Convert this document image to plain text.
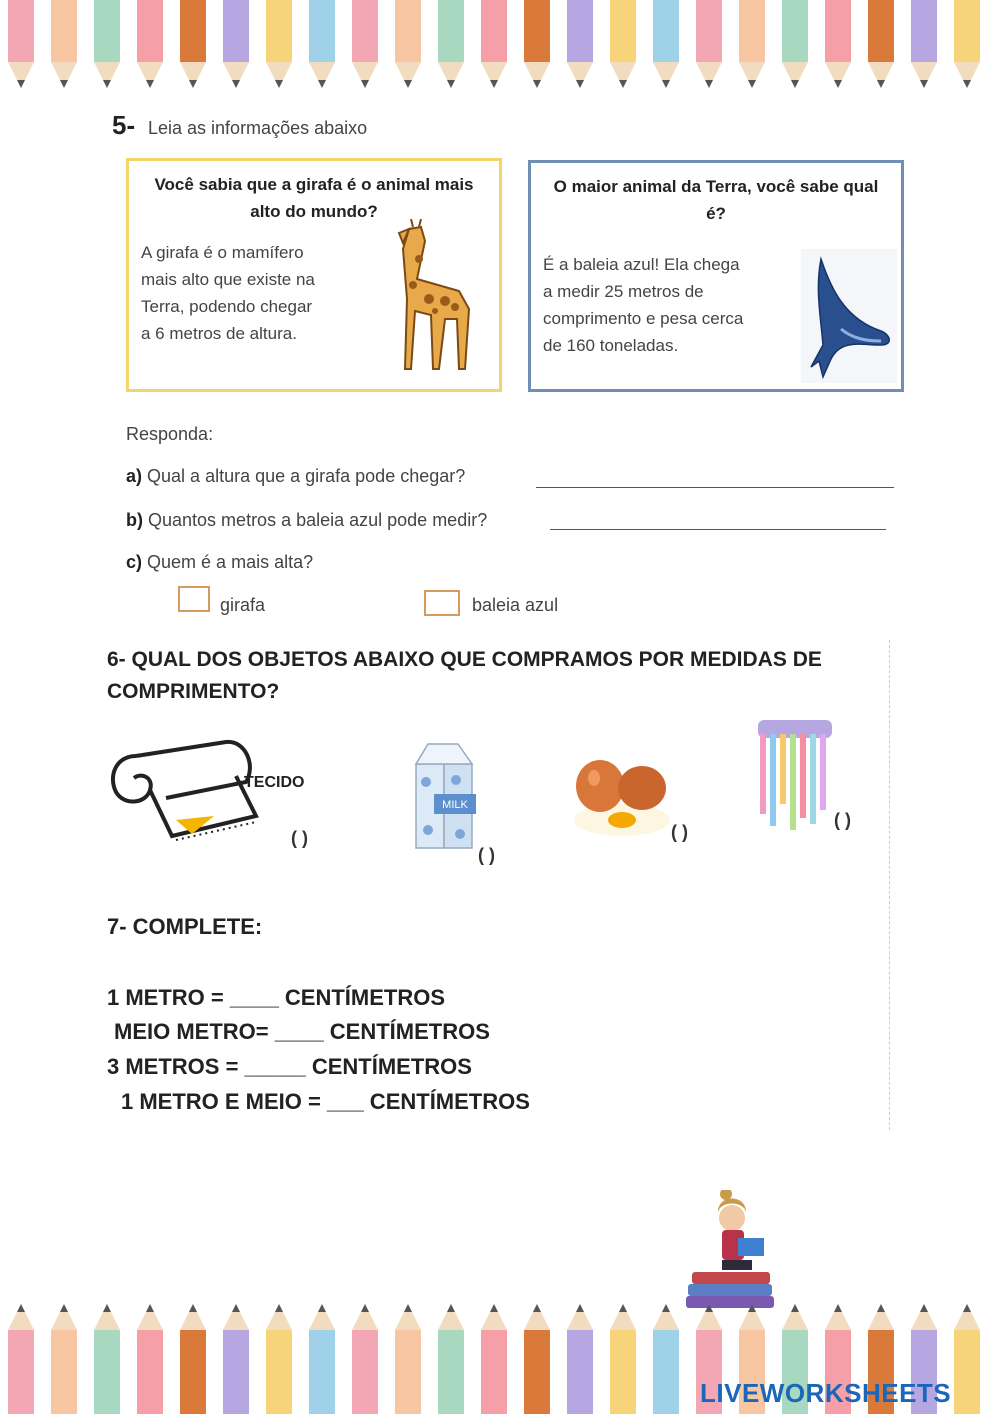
5- Leia as informações abaixo
Você sabia que a girafa é o animal mais alto do mundo?

A girafa é o mamífero

mais alto que existe na

Terra, podendo chegar

a 6 metros de altura.

O maior animal da Terra, você sabe qual é?

É a baleia azul! Ela chega

a medir 25 metros de

comprimento e pesa cerca

de 160 toneladas.

Responda:
a) Qual a altura que a girafa pode chegar?
b) Quantos metros a baleia azul pode medir?
c) Quem é a mais alta?
girafa	baleia azul
6- QUAL DOS OBJETOS ABAIXO QUE COMPRAMOS POR MEDIDAS DE COMPRIMENTO?
TECIDO
( )
MILK
( )
( )
( )
7- COMPLETE:
1 METRO = ____ CENTÍMETROS
MEIO METRO= ____ CENTÍMETROS
3 METROS = _____ CENTÍMETROS
1 METRO E MEIO = ___ CENTÍMETROS
LIVEWORKSHEETS
